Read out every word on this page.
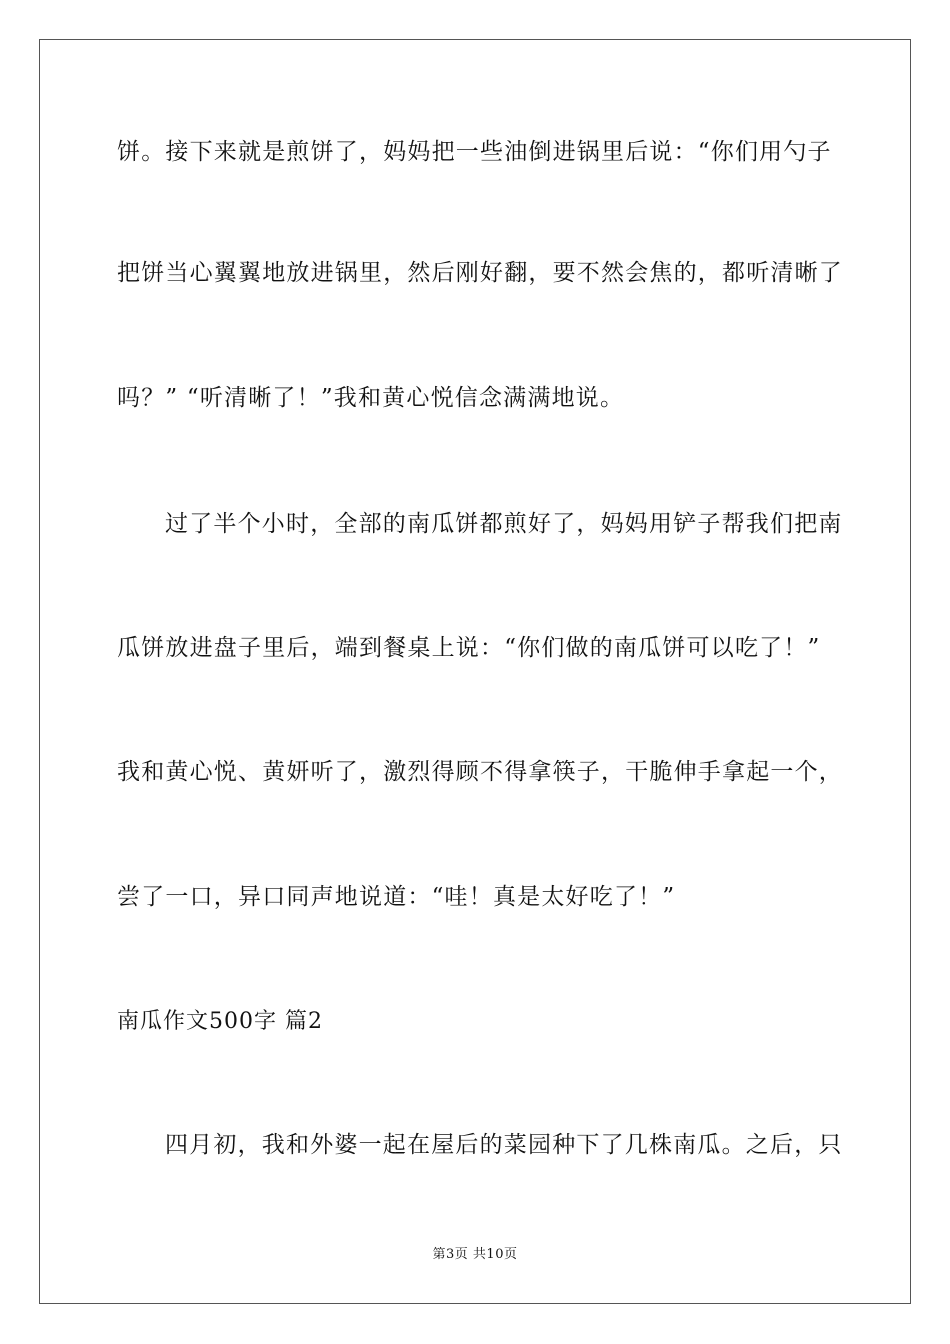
饼。接下来就是煎饼了，妈妈把一些油倒进锅里后说：“你们用勺子
把饼当心翼翼地放进锅里，然后刚好翻，要不然会焦的，都听清晰了
吗？” “听清晰了！”我和黄心悦信念满满地说。
过了半个小时，全部的南瓜饼都煎好了，妈妈用铲子帮我们把南
瓜饼放进盘子里后，端到餐桌上说：“你们做的南瓜饼可以吃了！”
我和黄心悦、黄妍听了，激烈得顾不得拿筷子，干脆伸手拿起一个，
尝了一口，异口同声地说道：“哇！真是太好吃了！”
南瓜作文500字 篇2
四月初，我和外婆一起在屋后的菜园种下了几株南瓜。之后，只
第3页 共10页
